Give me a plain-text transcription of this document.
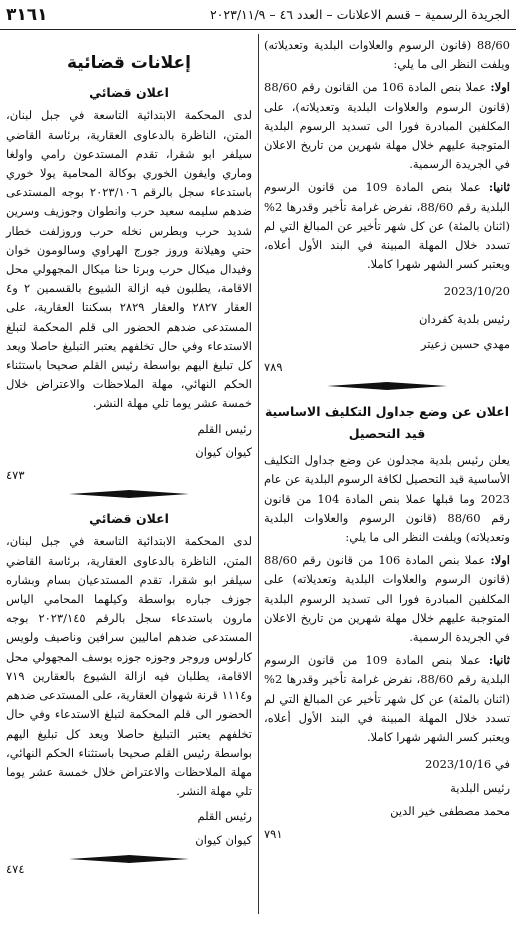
الجريدة الرسمية – قسم الاعلانات – العدد ٤٦ – ٢٠٢٣/١١/٩
٣١٦١

88/60 (قانون الرسوم والعلاوات البلدية وتعديلاته) ويلفت النظر الى ما يلي:

اولا: عملا بنص المادة 106 من القانون رقم 88/60 (قانون الرسوم والعلاوات البلدية وتعديلاته)، على المكلفين المبادرة فورا الى تسديد الرسوم البلدية المتوجبة عليهم خلال مهلة شهرين من تاريخ الاعلان في الجريدة الرسمية.

ثانيا: عملا بنص المادة 109 من قانون الرسوم البلدية رقم 88/60، نفرض غرامة تأخير وقدرها 2% (اثنان بالمئة) عن كل شهر تأخير عن المبالغ التي لم تسدد خلال المهلة المبينة في البند الأول أعلاه، ويعتبر كسر الشهر شهرا كاملا.

2023/10/20

رئيس بلدية كفردان

مهدي حسين زعيتر

٧٨٩
اعلان عن وضع جداول التكليف الاساسية قيد التحصيل

يعلن رئيس بلدية مجدلون عن وضع جداول التكليف الأساسية قيد التحصيل لكافة الرسوم البلدية عن عام 2023 وما قبلها عملا بنص المادة 104 من قانون رقم 88/60 (قانون الرسوم والعلاوات البلدية وتعديلاته) ويلفت النظر الى ما يلي:

اولا: عملا بنص المادة 106 من قانون رقم 88/60 (قانون الرسوم والعلاوات البلدية وتعديلاته) على المكلفين المبادرة فورا الى تسديد الرسوم البلدية المتوجبة عليهم خلال مهلة شهرين من تاريخ الاعلان في الجريدة الرسمية.

ثانيا: عملا بنص المادة 109 من قانون الرسوم البلدية رقم 88/60، نفرض غرامة تأخير وقدرها 2% (اثنان بالمئة) عن كل شهر تأخير عن المبالغ التي لم تسدد خلال المهلة المبينة في البند الأول أعلاه، ويعتبر كسر الشهر شهرا كاملا.

في 2023/10/16

رئيس البلدية

محمد مصطفى خير الدين

٧٩١
إعلانات قضائية
اعلان قضائي

لدى المحكمة الابتدائية التاسعة في جبل لبنان، المتن، الناظرة بالدعاوى العقارية، برئاسة القاضي سيلفر ابو شقرا، تقدم المستدعون رامي واولغا وماري وايفون الخوري بوكالة المحامية يولا خوري باستدعاء سجل بالرقم ٢٠٢٣/١٠٦ بوجه المستدعى ضدهم سليمه سعيد حرب وانطوان وجوزيف وسرين شديد حرب وبطرس نخله حرب وروزلفت خطار حتي وهيلانة وروز جورج الهراوي وسالومون خوان وفيدال ميكال حرب وبرتا حنا ميكال المجهولي محل الاقامة، يطلبون فيه ازالة الشيوع بالقسمين ٢ و٤ العقار ٢٨٢٧ والعقار ٢٨٢٩ بسكنتا العقارية، على المستدعى ضدهم الحضور الى قلم المحكمة لتبلغ الاستدعاء وفي حال تخلفهم يعتبر التبليغ حاصلا ويعد كل تبليغ اليهم بواسطة رئيس القلم صحيحا باستثناء الحكم النهائي، مهلة الملاحظات والاعتراض خلال خمسة عشر يوما تلي مهلة النشر.

رئيس القلم

كيوان كيوان

٤٧٣
اعلان قضائي

لدى المحكمة الابتدائية التاسعة في جبل لبنان، المتن، الناظرة بالدعاوى العقارية، برئاسة القاضي سيلفر ابو شقرا، تقدم المستدعيان بسام وبشاره جوزف جباره بواسطة وكيلهما المحامي الياس مارون باستدعاء سجل بالرقم ٢٠٢٣/١٤٥ بوجه المستدعى ضدهم اماليين سرافين وناصيف ولويس كارلوس وروجر وجوزه جوزه يوسف المجهولي محل الاقامة، يطلبان فيه ازالة الشيوع بالعقارين ٧١٩ و١١١٤ قرنة شهوان العقارية، على المستدعى ضدهم الحضور الى قلم المحكمة لتبلغ الاستدعاء وفي حال تخلفهم يعتبر التبليغ حاصلا ويعد كل تبليغ اليهم بواسطة رئيس القلم صحيحا باستثناء الحكم النهائي، مهلة الملاحظات والاعتراض خلال خمسة عشر يوما تلي مهلة النشر.

رئيس القلم

كيوان كيوان

٤٧٤
